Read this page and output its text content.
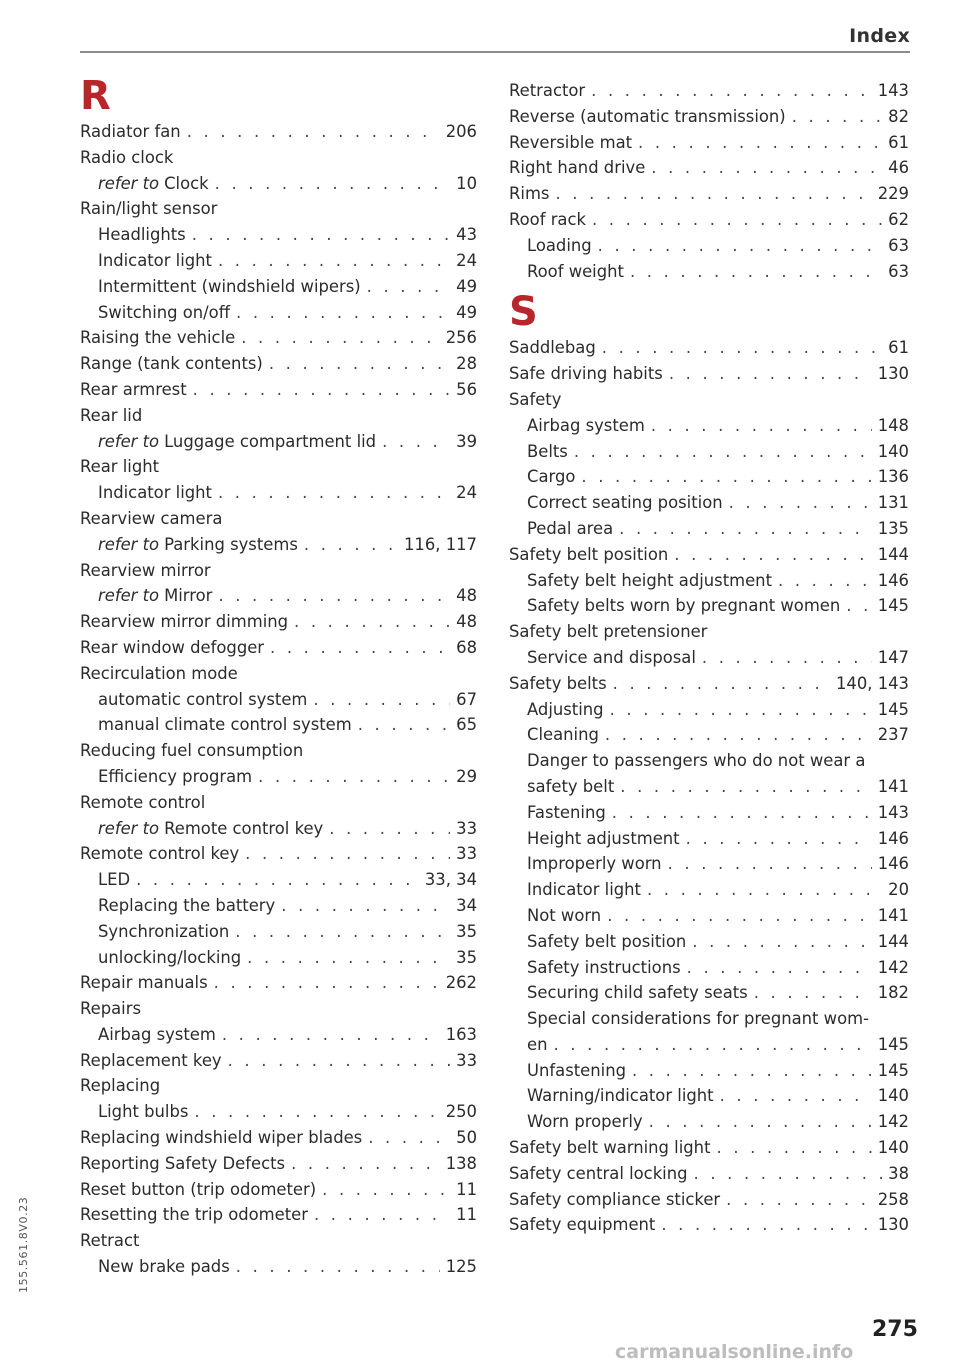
Index
R
Radiator fan . . .	206
Radio clock
refer to Clock . . .	10
Rain/light sensor
Headlights . . .	43
Indicator light . . .	24
Intermittent (windshield wipers) . . .	49
Switching on/off . . .	49
Raising the vehicle . . .	256
Range (tank contents) . . .	28
Rear armrest . . .	56
Rear lid
refer to Luggage compartment lid . . .	39
Rear light
Indicator light . . .	24
Rearview camera
refer to Parking systems . . .	116, 117
Rearview mirror
refer to Mirror . . .	48
Rearview mirror dimming . . .	48
Rear window defogger . . .	68
Recirculation mode
automatic control system . . .	67
manual climate control system . . .	65
Reducing fuel consumption
Efficiency program . . .	29
Remote control
refer to Remote control key . . .	33
Remote control key . . .	33
LED . . .	33, 34
Replacing the battery . . .	34
Synchronization . . .	35
unlocking/locking . . .	35
Repair manuals . . .	262
Repairs
Airbag system . . .	163
Replacement key . . .	33
Replacing
Light bulbs . . .	250
Replacing windshield wiper blades . . .	50
Reporting Safety Defects . . .	138
Reset button (trip odometer) . . .	11
Resetting the trip odometer . . .	11
Retract
New brake pads . . .	125
Retractor . . .	143
Reverse (automatic transmission) . . .	82
Reversible mat . . .	61
Right hand drive . . .	46
Rims . . .	229
Roof rack . . .	62
Loading . . .	63
Roof weight . . .	63
S
Saddlebag . . .	61
Safe driving habits . . .	130
Safety
Airbag system . . .	148
Belts . . .	140
Cargo . . .	136
Correct seating position . . .	131
Pedal area . . .	135
Safety belt position . . .	144
Safety belt height adjustment . . .	146
Safety belts worn by pregnant women . . . 145
Safety belt pretensioner
Service and disposal . . .	147
Safety belts . . .	140, 143
Adjusting . . .	145
Cleaning . . .	237
Danger to passengers who do not wear a
safety belt . . .	141
Fastening . . .	143
Height adjustment . . .	146
Improperly worn . . .	146
Indicator light . . .	20
Not worn . . .	141
Safety belt position . . .	144
Safety instructions . . .	142
Securing child safety seats . . .	182
Special considerations for pregnant wom-
en . . .	145
Unfastening . . .	145
Warning/indicator light . . .	140
Worn properly . . .	142
Safety belt warning light . . .	140
Safety central locking . . .	38
Safety compliance sticker . . .	258
Safety equipment . . .	130
275
155.561.8V0.23
carmanualsonline.info
